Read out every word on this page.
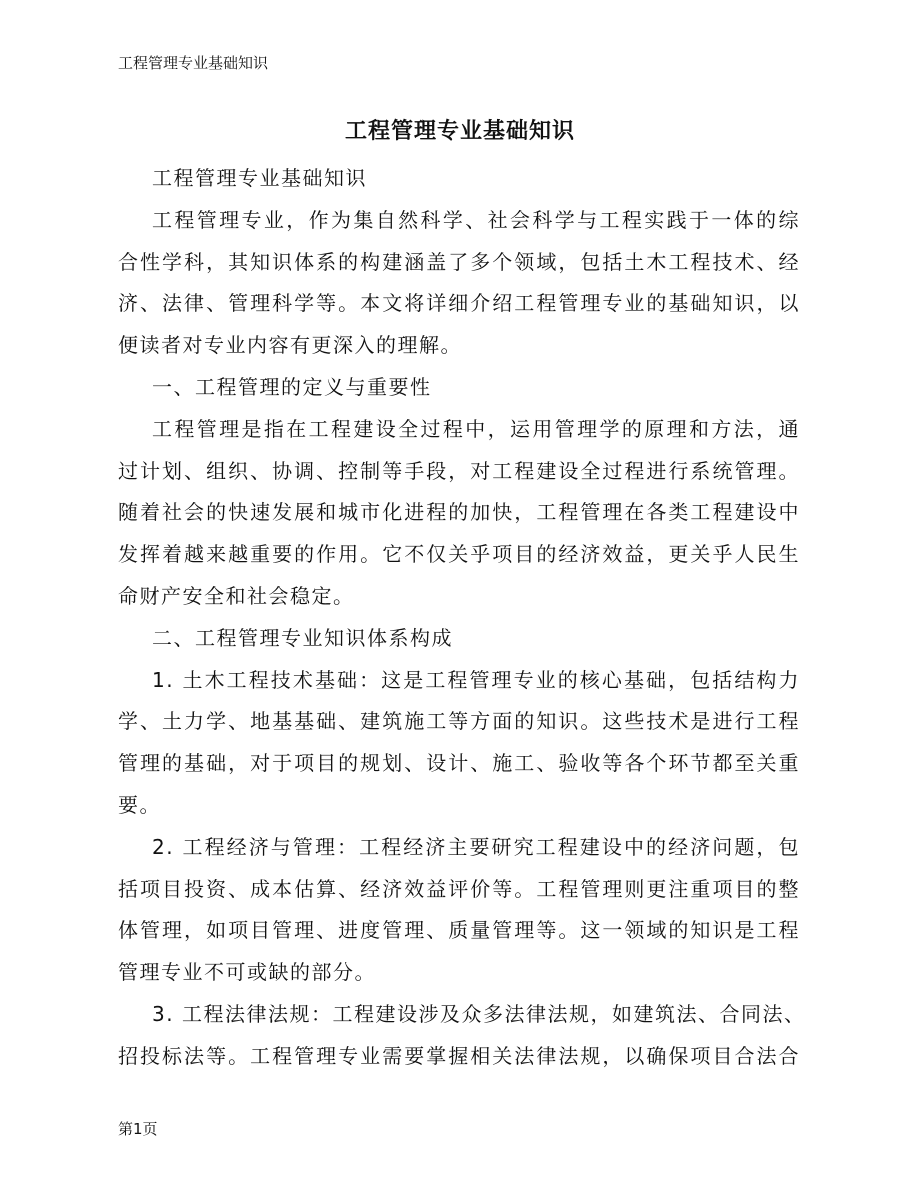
工程管理专业基础知识
工程管理专业基础知识
工程管理专业基础知识
工程管理专业，作为集自然科学、社会科学与工程实践于一体的综
合性学科，其知识体系的构建涵盖了多个领域，包括土木工程技术、经
济、法律、管理科学等。本文将详细介绍工程管理专业的基础知识，以
便读者对专业内容有更深入的理解。
一、工程管理的定义与重要性
工程管理是指在工程建设全过程中，运用管理学的原理和方法，通
过计划、组织、协调、控制等手段，对工程建设全过程进行系统管理。
随着社会的快速发展和城市化进程的加快，工程管理在各类工程建设中
发挥着越来越重要的作用。它不仅关乎项目的经济效益，更关乎人民生
命财产安全和社会稳定。
二、工程管理专业知识体系构成
1. 土木工程技术基础：这是工程管理专业的核心基础，包括结构力
学、土力学、地基基础、建筑施工等方面的知识。这些技术是进行工程
管理的基础，对于项目的规划、设计、施工、验收等各个环节都至关重
要。
2. 工程经济与管理：工程经济主要研究工程建设中的经济问题，包
括项目投资、成本估算、经济效益评价等。工程管理则更注重项目的整
体管理，如项目管理、进度管理、质量管理等。这一领域的知识是工程
管理专业不可或缺的部分。
3. 工程法律法规：工程建设涉及众多法律法规，如建筑法、合同法、
招投标法等。工程管理专业需要掌握相关法律法规，以确保项目合法合
第1页
